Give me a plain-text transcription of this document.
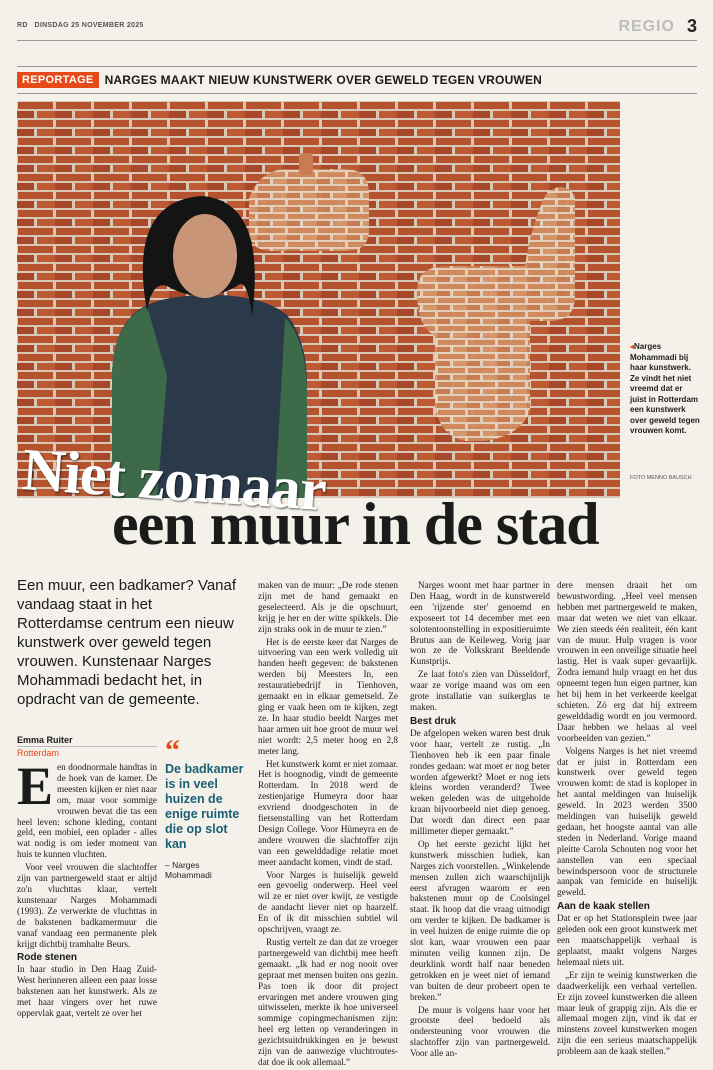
RD DINSDAG 25 NOVEMBER 2025	REGIO 3
REPORTAGE NARGES MAAKT NIEUW KUNSTWERK OVER GEWELD TEGEN VROUWEN
◂Narges Mohammadi bij haar kunstwerk. Ze vindt het niet vreemd dat er juist in Rotterdam een kunstwerk over geweld tegen vrouwen komt.
FOTO MENNO BAUSCH
Niet zomaar
een muur in de stad
Een muur, een badkamer? Vanaf vandaag staat in het Rotterdamse centrum een nieuw kunstwerk over geweld tegen vrouwen. Kunstenaar Narges Mohammadi bedacht het, in opdracht van de gemeente.
Emma Ruiter
Rotterdam

Een doodnormale handtas in de hoek van de kamer. De meesten kijken er niet naar om, maar voor sommige vrouwen bevat die tas een heel leven: schone kleding, contant geld, een mobiel, een oplader - alles wat nodig is om ieder moment van huis te kunnen vluchten.

Voor veel vrouwen die slachtoffer zijn van partnergeweld staat er altijd zo'n vluchttas klaar, vertelt kunstenaar Narges Mohammadi (1993). Ze verwerkte de vluchttas in de bakstenen badkamermuur die vanaf vandaag een permanente plek krijgt dichtbij tramhalte Beurs.

Rode stenen

In haar studio in Den Haag Zuid-West herinneren alleen een paar losse bakstenen aan het kunstwerk. Als ze met haar vingers over het ruwe oppervlak gaat, vertelt ze over het

“
De badkamer is in veel huizen de enige ruimte die op slot kan
– Narges Mohammadi

maken van de muur: „De rode stenen zijn met de hand gemaakt en geselecteerd. Als je die opschuurt, krijg je her en der witte spikkels. Die zijn straks ook in de muur te zien.”

Het is de eerste keer dat Narges de uitvoering van een werk volledig uit handen heeft gegeven: de bakstenen werden bij Meesters In, een restauratiebedrijf in Tienhoven, gemaakt en in elkaar gemetseld. Ze ging er vaak heen om te kijken, zegt ze. In haar studio beeldt Narges met haar armen uit hoe groot de muur wel niet wordt: 2,5 meter hoog en 2,8 meter lang.

Het kunstwerk komt er niet zomaar. Het is hoognodig, vindt de gemeente Rotterdam. In 2018 werd de zestienjarige Humeyra door haar exvriend doodgeschoten in de fietsenstalling van het Rotterdam Design College. Voor Hümeyra en de andere vrouwen die slachtoffer zijn van een gewelddadige relatie moet meer aandacht komen, vindt de stad.

Voor Narges is huiselijk geweld een gevoelig onderwerp. Heel veel wil ze er niet over kwijt, ze vestigde de aandacht liever niet op haarzelf. En of ik dit misschien subtiel wil opschrijven, vraagt ze.

Rustig vertelt ze dan dat ze vroeger partnergeweld van dichtbij mee heeft gemaakt. „Ik had er nog nooit over gepraat met mensen buiten ons gezin. Pas toen ik door dit project ervaringen met andere vrouwen ging uitwisselen, merkte ik hoe universeel sommige copingmechanismen zijn: heel erg letten op veranderingen in gezichtsuitdrukkingen en je bewust zijn van de aanwezige vluchtroutes-dat doe ik ook allemaal.”

Narges woont met haar partner in Den Haag, wordt in de kunstwereld een 'rijzende ster' genoemd en exposeert tot 14 december met een solotentoonstelling in expositieruimte Brutus aan de Keileweg. Vorig jaar won ze de Volkskrant Beeldende Kunstprijs.

Ze laat foto's zien van Düsseldorf, waar ze vorige maand was om een grote installatie van suikerglas te maken.

Best druk

De afgelopen weken waren best druk voor haar, vertelt ze rustig. „In Tienhoven heb ik een paar finale rondes gedaan: wat moet er nog beter worden afgewerkt? Moet er nog iets kleins worden veranderd? Twee weken geleden was de uitgeholde kraan bijvoorbeeld niet diep genoeg. Dat wordt dan direct een paar millimeter dieper gemaakt.”

Op het eerste gezicht lijkt het kunstwerk misschien ludiek, kan Narges zich voorstellen. „Winkelende mensen zullen zich waarschijnlijk eerst afvragen waarom er een bakstenen muur op de Coolsingel staat. Ik hoop dat die vraag uitnodigt om verder te kijken. De badkamer is in veel huizen de enige ruimte die op slot kan, waar vrouwen een paar minuten veilig kunnen zijn. De deurklink wordt half naar beneden getrokken en je weet niet of iemand van buiten de deur probeert open te breken.”

De muur is volgens haar voor het grootste deel bedoeld als ondersteuning voor vrouwen die slachtoffer zijn van partnergeweld. Voor alle an-

dere mensen draait het om bewustwording. „Heel veel mensen hebben met partnergeweld te maken, maar dat weten we niet van elkaar. We zien steeds één realiteit, één kant van de muur. Hulp vragen is voor vrouwen in een onveilige situatie heel lastig. Het is vaak super gevaarlijk. Zodra iemand hulp vraagt en het dus opneemt tegen hun eigen partner, kan het bij hem in het verkeerde keelgat schieten. Zó erg dat hij extreem gewelddadig wordt en jou vermoord. Daar hebben we helaas al veel voorbeelden van gezien.”

Volgens Narges is het niet vreemd dat er juist in Rotterdam een kunstwerk over geweld tegen vrouwen komt: de stad is koploper in het aantal meldingen van huiselijk geweld. In 2023 werden 3500 meldingen van huiselijk geweld gedaan, het hoogste aantal van alle steden in Nederland. Vorige maand pleitte Carola Schouten nog voor het aanstellen van een speciaal bewindspersoon voor de structurele aanpak van femicide en huiselijk geweld.

Aan de kaak stellen

Dat er op het Stationsplein twee jaar geleden ook een groot kunstwerk met een maatschappelijk verhaal is geplaatst, maakt volgens Narges helemaal niets uit.

„Er zijn te weinig kunstwerken die daadwerkelijk een verhaal vertellen. Er zijn zoveel kunstwerken die alleen maar leuk of grappig zijn. Als die er allemaal mogen zijn, vind ik dat er minstens zoveel kunstwerken mogen zijn die een serieus maatschappelijk probleem aan de kaak stellen.”
